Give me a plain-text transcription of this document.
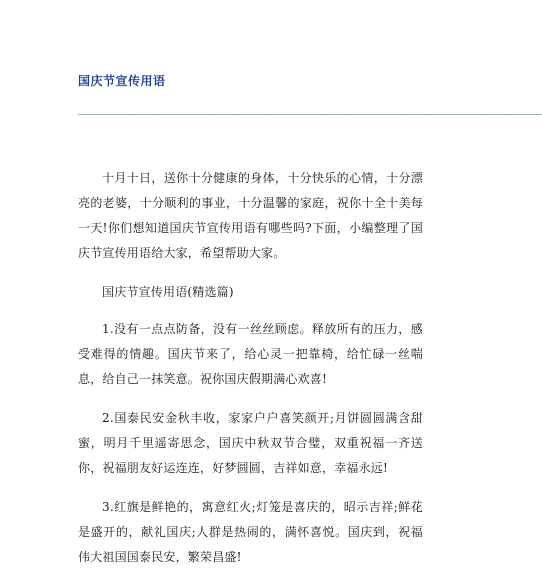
国庆节宣传用语
______________________________________________________________________

十月十日，送你十分健康的身体，十分快乐的心情，十分漂亮的老婆，十分顺利的事业，十分温馨的家庭，祝你十全十美每一天!你们想知道国庆节宣传用语有哪些吗?下面，小编整理了国庆节宣传用语给大家，希望帮助大家。

国庆节宣传用语(精选篇)

1.没有一点点防备，没有一丝丝顾虑。释放所有的压力，感受难得的情趣。国庆节来了，给心灵一把靠椅，给忙碌一丝喘息，给自己一抹笑意。祝你国庆假期满心欢喜!

2.国泰民安金秋丰收，家家户户喜笑颜开;月饼圆圆满含甜蜜，明月千里遥寄思念，国庆中秋双节合璧，双重祝福一齐送你，祝福朋友好运连连，好梦圆圆，吉祥如意，幸福永远!

3.红旗是鲜艳的，寓意红火;灯笼是喜庆的，昭示吉祥;鲜花是盛开的，献礼国庆;人群是热闹的，满怀喜悦。国庆到，祝福伟大祖国国泰民安，繁荣昌盛!
